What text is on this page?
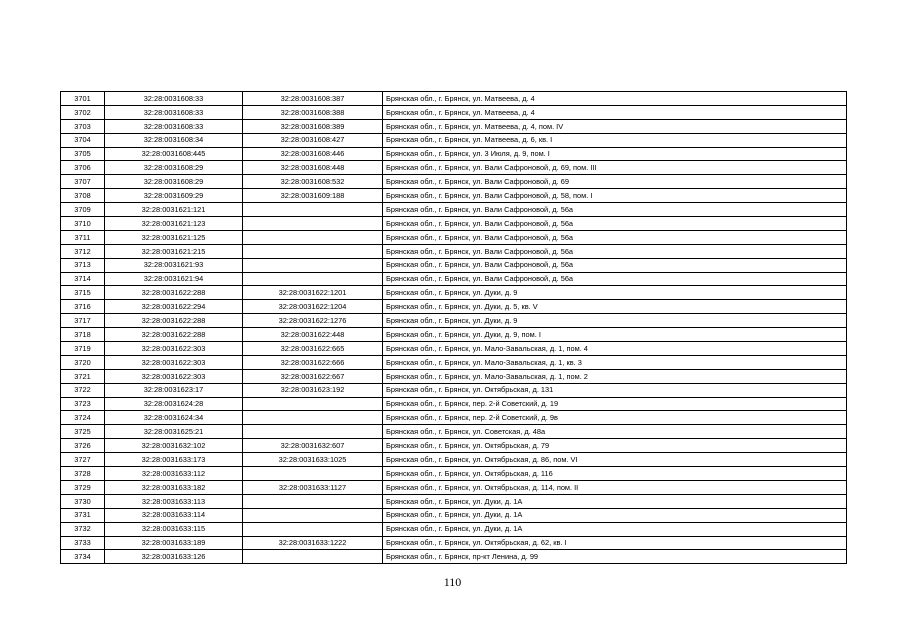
3701	32:28:0031608:33	32:28:0031608:387	Брянская обл., г. Брянск, ул. Матвеева, д. 4
3702	32:28:0031608:33	32:28:0031608:388	Брянская обл., г. Брянск, ул. Матвеева, д. 4
3703	32:28:0031608:33	32:28:0031608:389	Брянская обл., г. Брянск, ул. Матвеева, д. 4, пом. IV
3704	32:28:0031608:34	32:28:0031608:427	Брянская обл., г. Брянск, ул. Матвеева, д. 6, кв. I
3705	32:28:0031608:445	32:28:0031608:446	Брянская обл., г. Брянск, ул. 3 Июля, д. 9, пом. I
3706	32:28:0031608:29	32:28:0031608:448	Брянская обл., г. Брянск, ул. Вали Сафроновой, д. 69, пом. III
3707	32:28:0031608:29	32:28:0031608:532	Брянская обл., г. Брянск, ул. Вали Сафроновой, д. 69
3708	32:28:0031609:29	32:28:0031609:188	Брянская обл., г. Брянск, ул. Вали Сафроновой, д. 58, пом. I
3709	32:28:0031621:121		Брянская обл., г. Брянск, ул. Вали Сафроновой, д. 56а
3710	32:28:0031621:123		Брянская обл., г. Брянск, ул. Вали Сафроновой, д. 56а
3711	32:28:0031621:125		Брянская обл., г. Брянск, ул. Вали Сафроновой, д. 56а
3712	32:28:0031621:215		Брянская обл., г. Брянск, ул. Вали Сафроновой, д. 56а
3713	32:28:0031621:93		Брянская обл., г. Брянск, ул. Вали Сафроновой, д. 56а
3714	32:28:0031621:94		Брянская обл., г. Брянск, ул. Вали Сафроновой, д. 56а
3715	32:28:0031622:288	32:28:0031622:1201	Брянская обл., г. Брянск, ул. Дуки, д. 9
3716	32:28:0031622:294	32:28:0031622:1204	Брянская обл., г. Брянск, ул. Дуки, д. 5, кв. V
3717	32:28:0031622:288	32:28:0031622:1276	Брянская обл., г. Брянск, ул. Дуки, д. 9
3718	32:28:0031622:288	32:28:0031622:448	Брянская обл., г. Брянск, ул. Дуки, д. 9, пом. I
3719	32:28:0031622:303	32:28:0031622:665	Брянская обл., г. Брянск, ул. Мало-Завальская, д. 1, пом. 4
3720	32:28:0031622:303	32:28:0031622:666	Брянская обл., г. Брянск, ул. Мало-Завальская, д. 1, кв. 3
3721	32:28:0031622:303	32:28:0031622:667	Брянская обл., г. Брянск, ул. Мало-Завальская, д. 1, пом. 2
3722	32:28:0031623:17	32:28:0031623:192	Брянская обл., г. Брянск, ул. Октябрьская, д. 131
3723	32:28:0031624:28		Брянская обл., г. Брянск, пер. 2-й Советский, д. 19
3724	32:28:0031624:34		Брянская обл., г. Брянск, пер. 2-й Советский, д. 9в
3725	32:28:0031625:21		Брянская обл., г. Брянск, ул. Советская, д. 48а
3726	32:28:0031632:102	32:28:0031632:607	Брянская обл., г. Брянск, ул. Октябрьская, д. 79
3727	32:28:0031633:173	32:28:0031633:1025	Брянская обл., г. Брянск, ул. Октябрьская, д. 86, пом. VI
3728	32:28:0031633:112		Брянская обл., г. Брянск, ул. Октябрьская, д. 116
3729	32:28:0031633:182	32:28:0031633:1127	Брянская обл., г. Брянск, ул. Октябрьская, д. 114, пом. II
3730	32:28:0031633:113		Брянская обл., г. Брянск, ул. Дуки, д. 1А
3731	32:28:0031633:114		Брянская обл., г. Брянск, ул. Дуки, д. 1А
3732	32:28:0031633:115		Брянская обл., г. Брянск, ул. Дуки, д. 1А
3733	32:28:0031633:189	32:28:0031633:1222	Брянская обл., г. Брянск, ул. Октябрьская, д. 62, кв. I
3734	32:28:0031633:126		Брянская обл., г. Брянск, пр-кт Ленина, д. 99
110
